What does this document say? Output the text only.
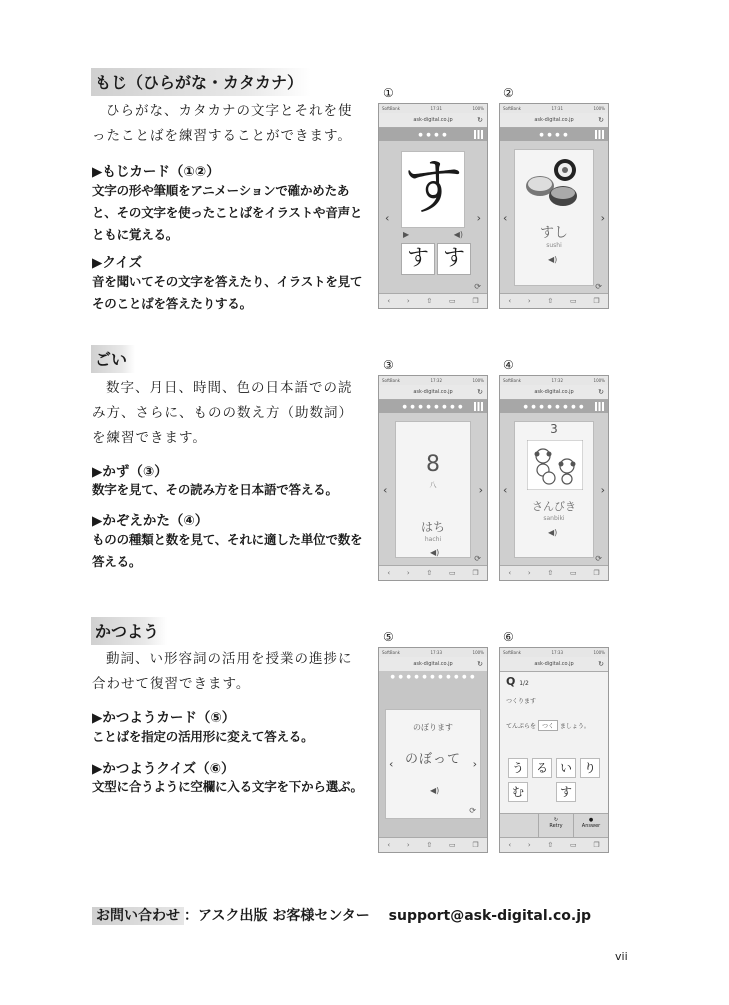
もじ（ひらがな・カタカナ）
ひらがな、カタカナの文字とそれを使ったことばを練習することができます。
▶もじカード（①②）
文字の形や筆順をアニメーションで確かめたあと、その文字を使ったことばをイラストや音声とともに覚える。
▶クイズ
音を聞いてその文字を答えたり、イラストを見てそのことばを答えたりする。
ごい
数字、月日、時間、色の日本語での読み方、さらに、ものの数え方（助数詞）を練習できます。
▶かず（③）
数字を見て、その読み方を日本語で答える。
▶かぞえかた（④）
ものの種類と数を見て、それに適した単位で数を答える。
かつよう
動詞、い形容詞の活用を授業の進捗に合わせて復習できます。
▶かつようカード（⑤）
ことばを指定の活用形に変えて答える。
▶かつようクイズ（⑥）
文型に合うように空欄に入る文字を下から選ぶ。
①	②
③	④
⑤	⑥
SoftBank	17:31	100%
ask-digital.co.jp	↻
● ● ● ●
‹	›
す
▶	◀)
す す
⟳
‹ › ⇧ ▭ ❐
SoftBank	17:31	100%
ask-digital.co.jp	↻
● ● ● ●
すし
sushi
◀)
‹	›
⟳
‹ › ⇧ ▭ ❐
SoftBank	17:32	100%
ask-digital.co.jp	↻
● ● ● ● ● ● ● ●
8
八
はち
hachi
◀)
‹	›
⟳
‹ › ⇧ ▭ ❐
SoftBank	17:32	100%
ask-digital.co.jp	↻
● ● ● ● ● ● ● ●
3
さんびき
sanbiki
◀)
‹	›
⟳
‹ › ⇧ ▭ ❐
SoftBank	17:33	100%
ask-digital.co.jp	↻
● ● ● ● ● ● ● ● ● ● ●
のぼります
のぼって
‹	›
◀)
⟳
‹ › ⇧ ▭ ❐
SoftBank	17:33	100%
ask-digital.co.jp	↻
Q 1/2
つくります
てんぷらを つく ましょう。
う る い り
む	す
↻
Retry
●
Answer
‹ › ⇧ ▭ ❐
お問い合わせ ：アスク出版 お客様センター support@ask-digital.co.jp
vii
